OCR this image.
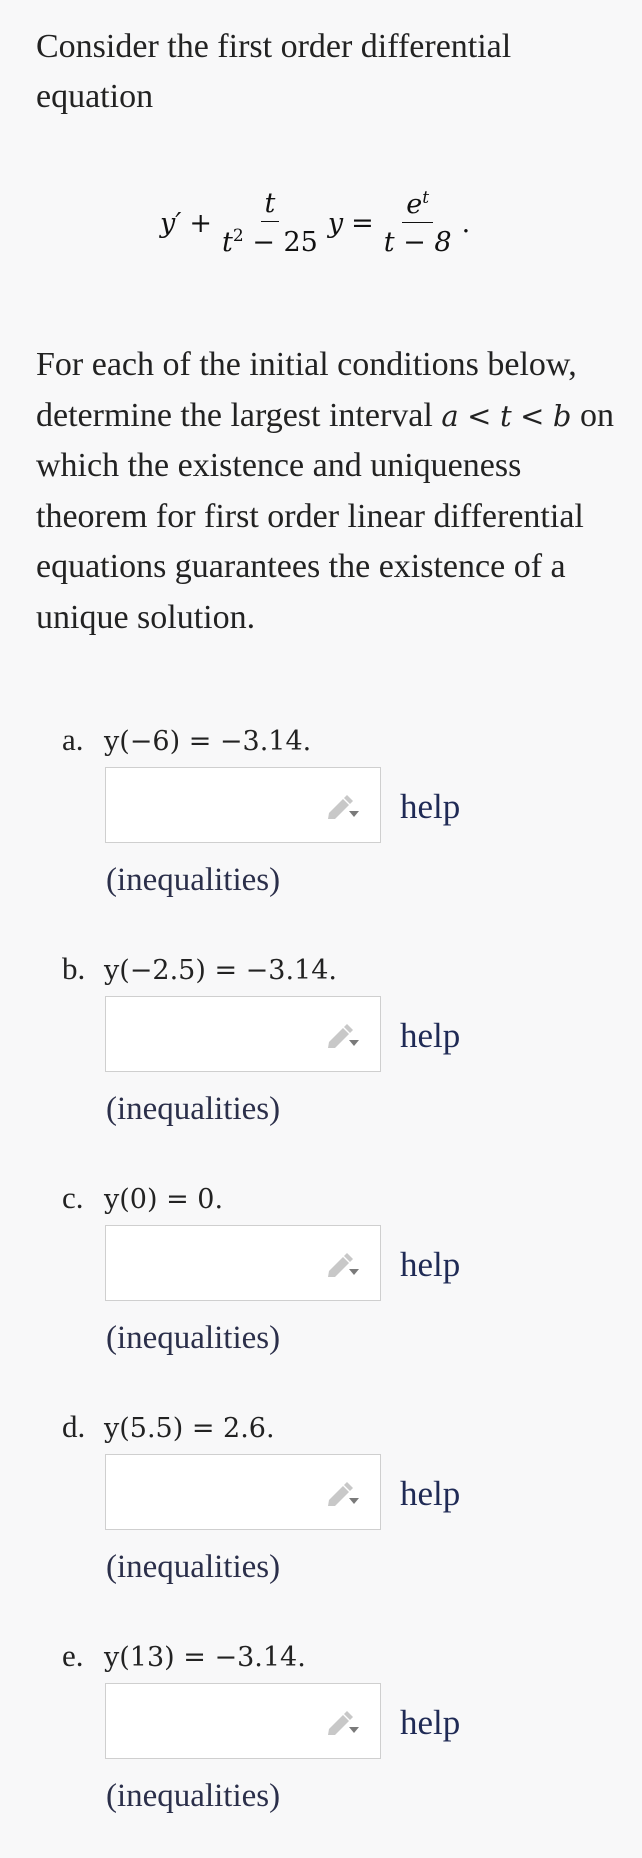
Consider the first order differential equation

$y' + \frac{t}{t^2 - 25}$ $y = \frac{e^t}{t - 8}$ .

For each of the initial conditions below, determine the largest interval a < t < b on which the existence and uniqueness theorem for first order linear differential equations guarantees the existence of a unique solution.

a. y(−6) = −3.14.
help
(inequalities)
b. y(−2.5) = −3.14.
help
(inequalities)
c. y(0) = 0.
help
(inequalities)
d. y(5.5) = 2.6.
help
(inequalities)
e. y(13) = −3.14.
help
(inequalities)
